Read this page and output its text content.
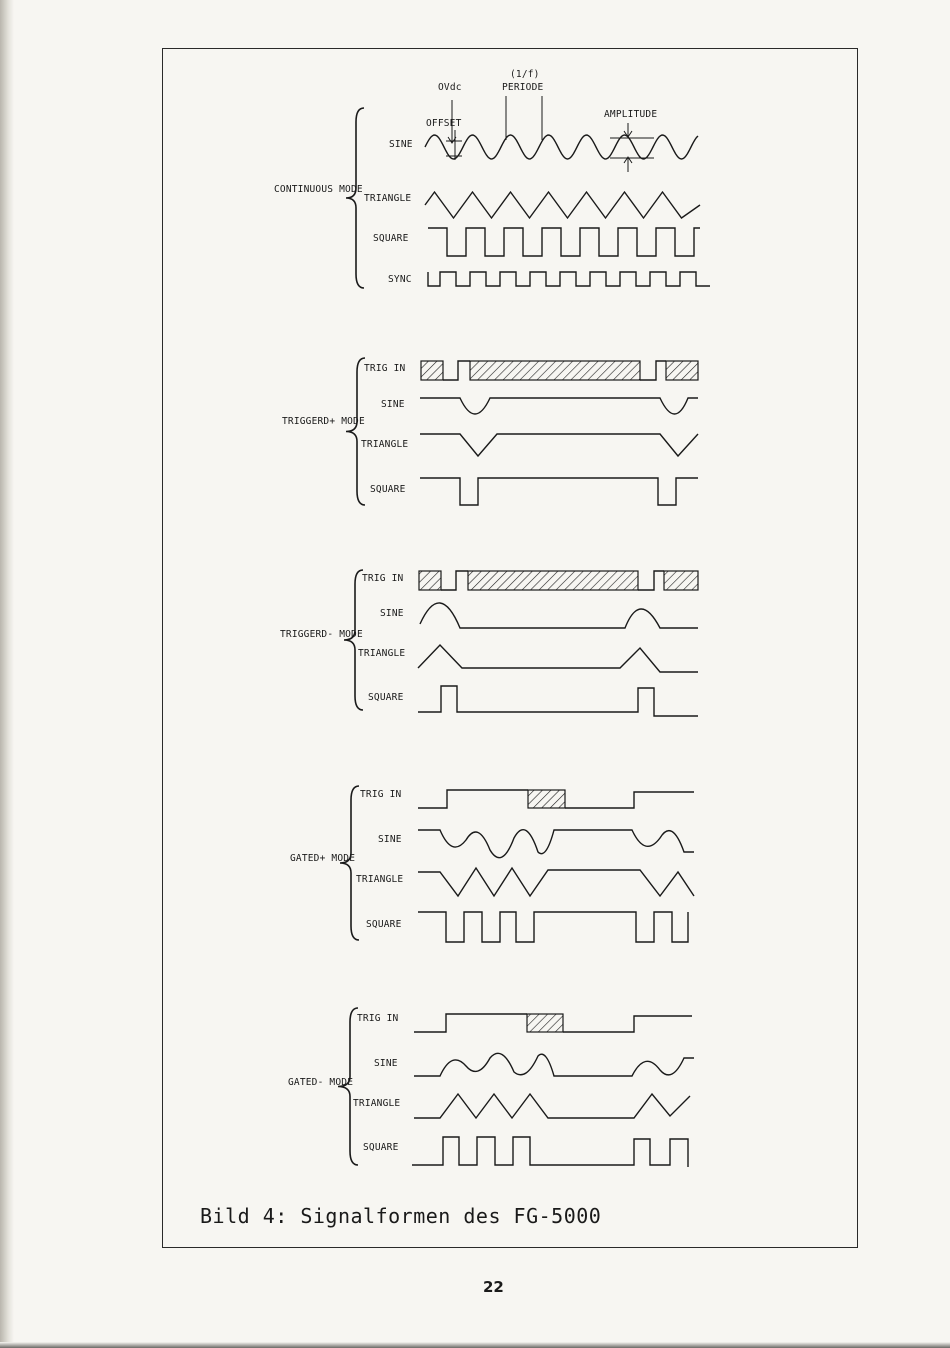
OVdc
OFFSET
(1/f)
PERIODE
AMPLITUDE
CONTINUOUS MODE
TRIGGERD+ MODE
TRIGGERD- MODE
GATED+ MODE
GATED- MODE
SINE
TRIANGLE
SQUARE
SYNC
TRIG IN
SINE
TRIANGLE
SQUARE
TRIG IN
SINE
TRIANGLE
SQUARE
TRIG IN
SINE
TRIANGLE
SQUARE
TRIG IN
SINE
TRIANGLE
SQUARE
Bild 4: Signalformen des FG-5000
22
